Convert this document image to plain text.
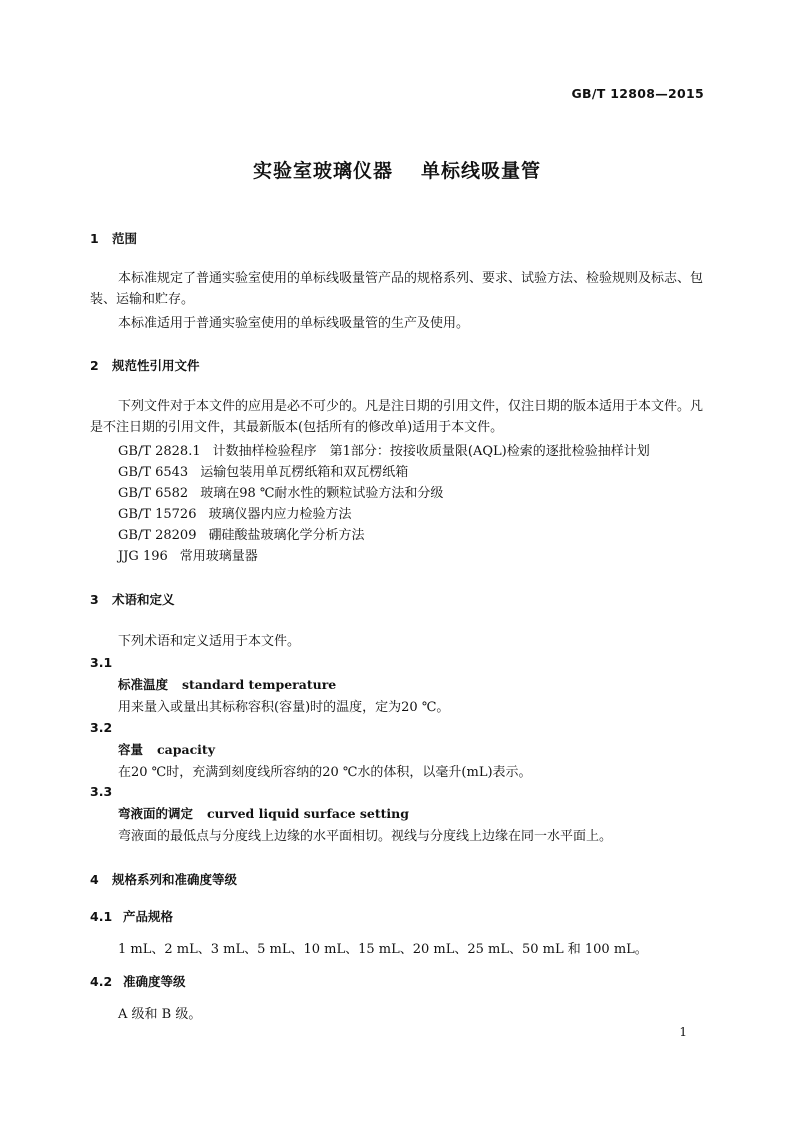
GB/T 12808—2015
实验室玻璃仪器 单标线吸量管
1 范围
本标准规定了普通实验室使用的单标线吸量管产品的规格系列、要求、试验方法、检验规则及标志、包装、运输和贮存。
本标准适用于普通实验室使用的单标线吸量管的生产及使用。
2 规范性引用文件
下列文件对于本文件的应用是必不可少的。凡是注日期的引用文件，仅注日期的版本适用于本文件。凡是不注日期的引用文件，其最新版本(包括所有的修改单)适用于本文件。
GB/T 2828.1 计数抽样检验程序　第1部分：按接收质量限(AQL)检索的逐批检验抽样计划
GB/T 6543 运输包装用单瓦楞纸箱和双瓦楞纸箱
GB/T 6582 玻璃在98 ℃耐水性的颗粒试验方法和分级
GB/T 15726 玻璃仪器内应力检验方法
GB/T 28209 硼硅酸盐玻璃化学分析方法
JJG 196 常用玻璃量器
3 术语和定义
下列术语和定义适用于本文件。
3.1
标准温度 standard temperature
用来量入或量出其标称容积(容量)时的温度，定为20 ℃。
3.2
容量 capacity
在20 ℃时，充满到刻度线所容纳的20 ℃水的体积，以毫升(mL)表示。
3.3
弯液面的调定 curved liquid surface setting
弯液面的最低点与分度线上边缘的水平面相切。视线与分度线上边缘在同一水平面上。
4 规格系列和准确度等级
4.1 产品规格
1 mL、2 mL、3 mL、5 mL、10 mL、15 mL、20 mL、25 mL、50 mL 和 100 mL。
4.2 准确度等级
A 级和 B 级。
1
